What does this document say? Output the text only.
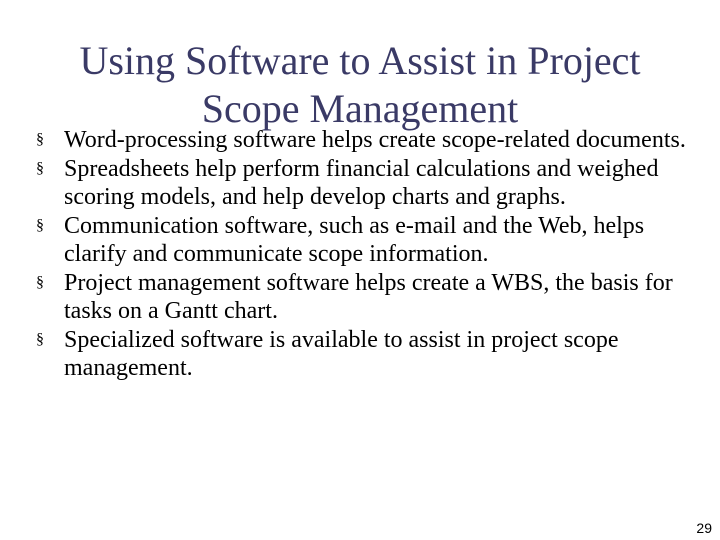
Using Software to Assist in Project
Scope Management
§ Word-processing software helps create scope-related documents.
§ Spreadsheets help perform financial calculations and weighed scoring models, and help develop charts and graphs.
§ Communication software, such as e-mail and the Web, helps clarify and communicate scope information.
§ Project management software helps create a WBS, the basis for tasks on a Gantt chart.
§ Specialized software is available to assist in project scope management.
29
